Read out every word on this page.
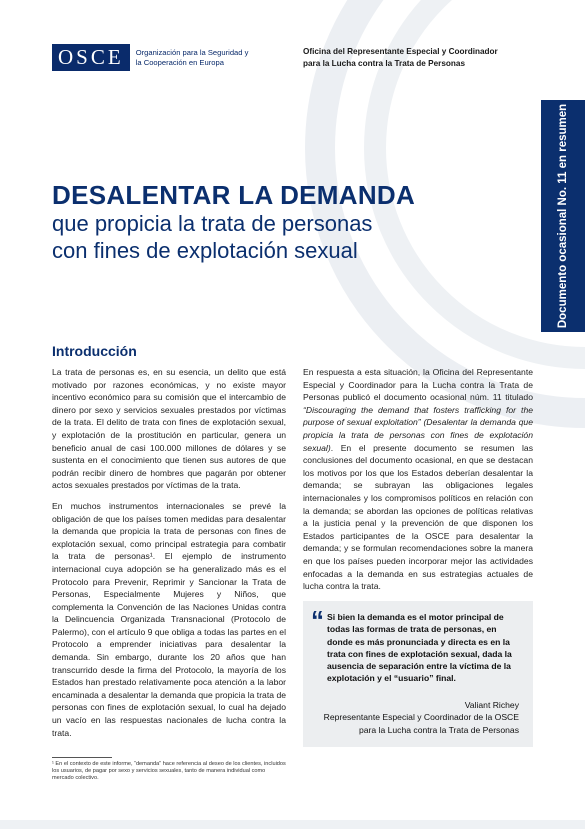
OSCE	Organización para la Seguridad y
la Cooperación en Europa
Oficina del Representante Especial y Coordinador
para la Lucha contra la Trata de Personas
Documento ocasional No. 11 en resumen
DESALENTAR LA DEMANDA
que propicia la trata de personas
con fines de explotación sexual
Introducción

La trata de personas es, en su esencia, un delito que está motivado por razones económicas, y no existe mayor incentivo económico para su comisión que el intercambio de dinero por sexo y servicios sexuales prestados por víctimas de la trata. El delito de trata con fines de explotación sexual, y explotación de la prostitución en particular, genera un beneficio anual de casi 100.000 millones de dólares y se sustenta en el conocimiento que tienen sus autores de que podrán recibir dinero de hombres que pagarán por obtener actos sexuales prestados por víctimas de la trata.

En muchos instrumentos internacionales se prevé la obligación de que los países tomen medidas para desalentar la demanda que propicia la trata de personas con fines de explotación sexual, como principal estrategia para combatir la trata de personas¹. El ejemplo de instrumento internacional cuya adopción se ha generalizado más es el Protocolo para Prevenir, Reprimir y Sancionar la Trata de Personas, Especialmente Mujeres y Niños, que complementa la Convención de las Naciones Unidas contra la Delincuencia Organizada Transnacional (Protocolo de Palermo), con el artículo 9 que obliga a todas las partes en el Protocolo a emprender iniciativas para desalentar la demanda. Sin embargo, durante los 20 años que han transcurrido desde la firma del Protocolo, la mayoría de los Estados han prestado relativamente poca atención a la labor encaminada a desalentar la demanda que propicia la trata de personas con fines de explotación sexual, lo cual ha dejado un vacío en las respuestas nacionales de lucha contra la trata.

En respuesta a esta situación, la Oficina del Representante Especial y Coordinador para la Lucha contra la Trata de Personas publicó el documento ocasional núm. 11 titulado “Discouraging the demand that fosters trafficking for the purpose of sexual exploitation” (Desalentar la demanda que propicia la trata de personas con fines de explotación sexual). En el presente documento se resumen las conclusiones del documento ocasional, en que se destacan los motivos por los que los Estados deberían desalentar la demanda; se subrayan las obligaciones legales internacionales y los compromisos políticos en relación con la demanda; se abordan las opciones de políticas relativas a la justicia penal y la prevención de que disponen los Estados participantes de la OSCE para desalentar la demanda; y se formulan recomendaciones sobre la manera en que los países pueden incorporar mejor las actividades enfocadas a la demanda en sus estrategias actuales de lucha contra la trata.

“ Si bien la demanda es el motor principal de todas las formas de trata de personas, en donde es más pronunciada y directa es en la trata con fines de explotación sexual, dada la ausencia de separación entre la víctima de la explotación y el “usuario” final.
Valiant Richey
Representante Especial y Coordinador de la OSCE
para la Lucha contra la Trata de Personas
¹ En el contexto de este informe, “demanda” hace referencia al deseo de los clientes, incluidos los usuarios, de pagar por sexo y servicios sexuales, tanto de manera individual como mercado colectivo.
